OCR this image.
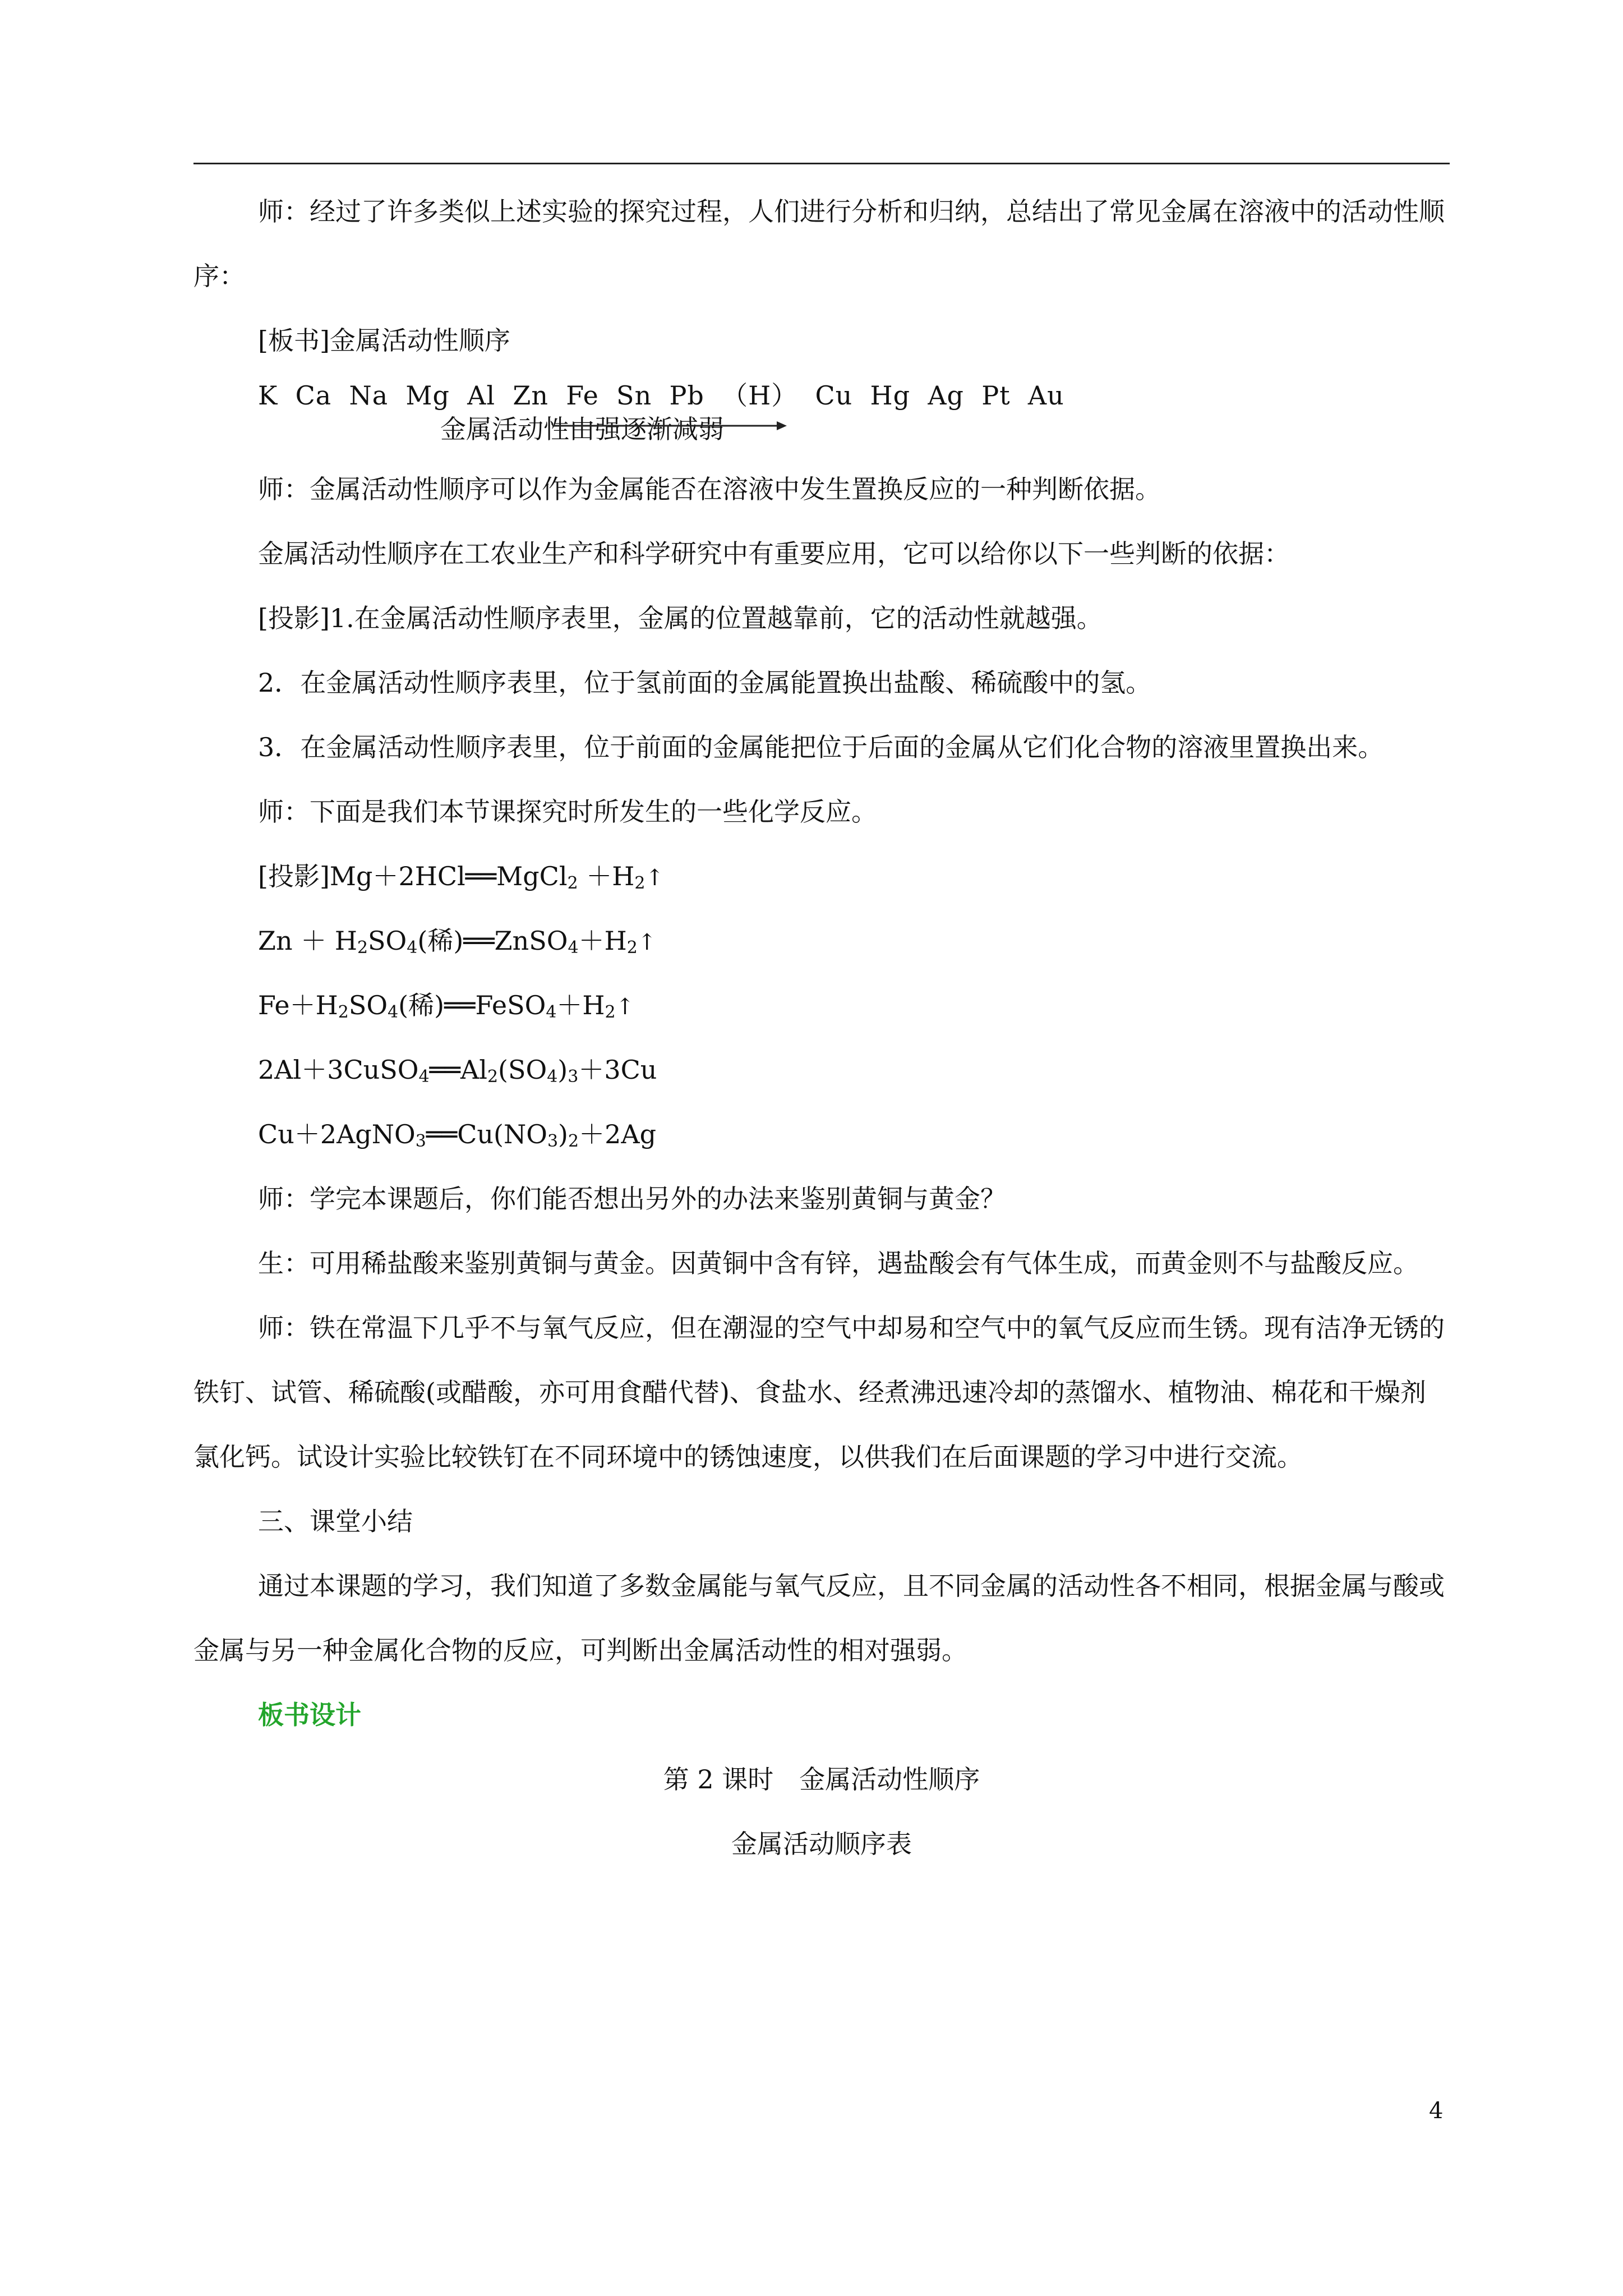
师：经过了许多类似上述实验的探究过程，人们进行分析和归纳，总结出了常见金属在溶液中的活动性顺序：

[板书]金属活动性顺序

K  Ca  Na  Mg  Al  Zn  Fe  Sn  Pb  （H）  Cu  Hg  Ag  Pt  Au
金属活动性由强逐渐减弱

师：金属活动性顺序可以作为金属能否在溶液中发生置换反应的一种判断依据。

金属活动性顺序在工农业生产和科学研究中有重要应用，它可以给你以下一些判断的依据：

[投影]1.在金属活动性顺序表里，金属的位置越靠前，它的活动性就越强。

2．在金属活动性顺序表里，位于氢前面的金属能置换出盐酸、稀硫酸中的氢。

3．在金属活动性顺序表里，位于前面的金属能把位于后面的金属从它们化合物的溶液里置换出来。

师：下面是我们本节课探究时所发生的一些化学反应。

[投影]Mg＋2HCl══MgCl$_2$ $+H_2↑$

$Zn + H_2SO_4$(稀)$══ZnSO_4+H_2↑$

$Fe+H_2SO_4$(稀)$══FeSO_4+H_2↑$

$2Al+3CuSO_4══Al_2(SO_4)_3+3Cu$

$Cu+2AgNO_3══Cu(NO_3)_2+2Ag$

师：学完本课题后，你们能否想出另外的办法来鉴别黄铜与黄金？

生：可用稀盐酸来鉴别黄铜与黄金。因黄铜中含有锌，遇盐酸会有气体生成，而黄金则不与盐酸反应。

师：铁在常温下几乎不与氧气反应，但在潮湿的空气中却易和空气中的氧气反应而生锈。现有洁净无锈的铁钉、试管、稀硫酸(或醋酸，亦可用食醋代替)、食盐水、经煮沸迅速冷却的蒸馏水、植物油、棉花和干燥剂氯化钙。试设计实验比较铁钉在不同环境中的锈蚀速度，以供我们在后面课题的学习中进行交流。

三、课堂小结

通过本课题的学习，我们知道了多数金属能与氧气反应，且不同金属的活动性各不相同，根据金属与酸或金属与另一种金属化合物的反应，可判断出金属活动性的相对强弱。

板书设计

第 2 课时　金属活动性顺序

金属活动顺序表

4
